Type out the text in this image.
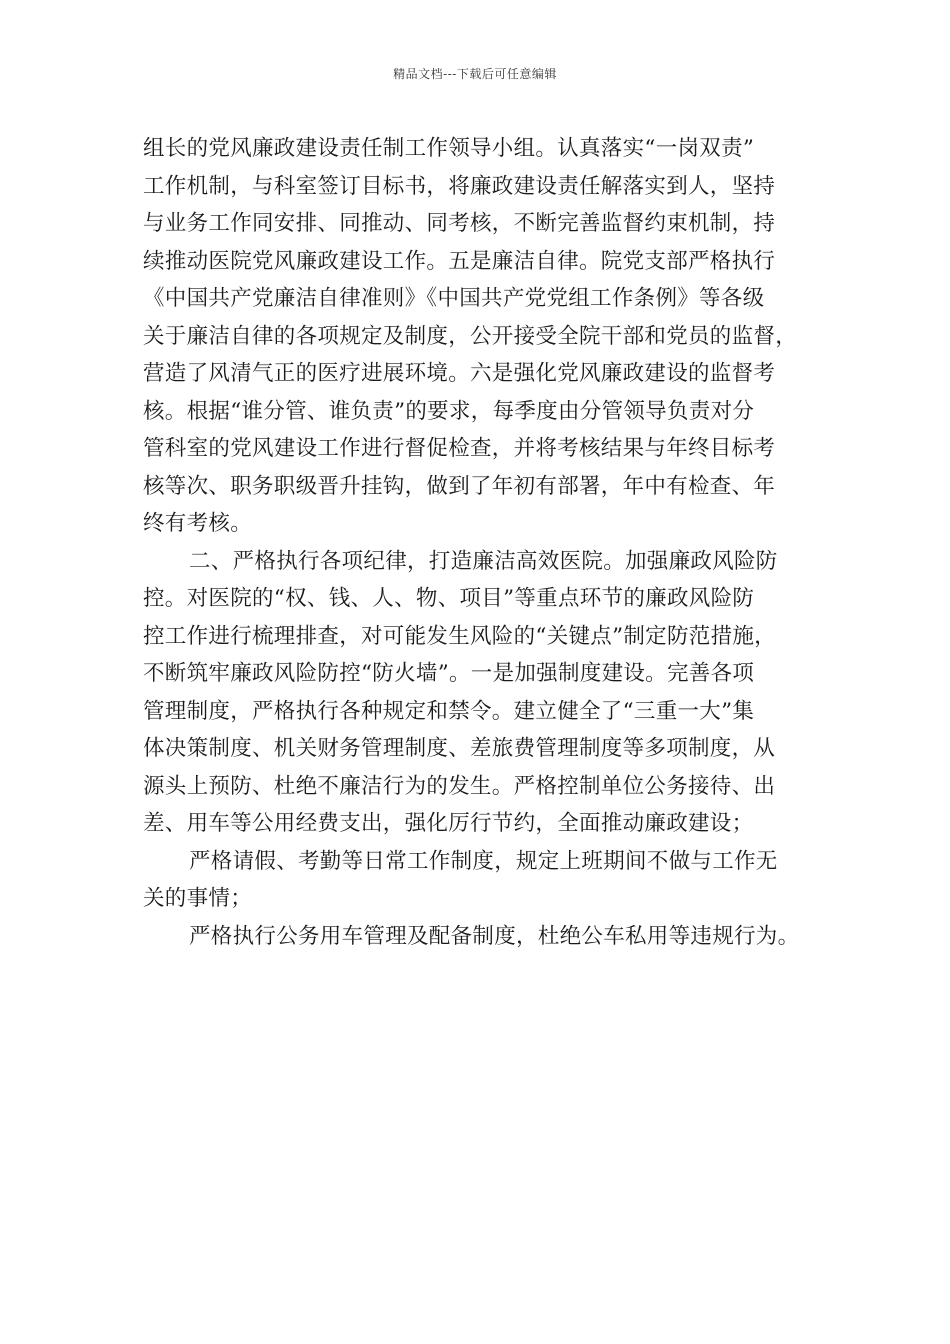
精品文档---下载后可任意编辑
组长的党风廉政建设责任制工作领导小组。认真落实“一岗双责”
工作机制，与科室签订目标书，将廉政建设责任解落实到人，坚持
与业务工作同安排、同推动、同考核，不断完善监督约束机制，持
续推动医院党风廉政建设工作。五是廉洁自律。院党支部严格执行
《中国共产党廉洁自律准则》《中国共产党党组工作条例》等各级
关于廉洁自律的各项规定及制度，公开接受全院干部和党员的监督，
营造了风清气正的医疗进展环境。六是强化党风廉政建设的监督考
核。根据“谁分管、谁负责”的要求，每季度由分管领导负责对分
管科室的党风建设工作进行督促检查，并将考核结果与年终目标考
核等次、职务职级晋升挂钩，做到了年初有部署，年中有检查、年
终有考核。
二、严格执行各项纪律，打造廉洁高效医院。加强廉政风险防
控。对医院的“权、钱、人、物、项目”等重点环节的廉政风险防
控工作进行梳理排查，对可能发生风险的“关键点”制定防范措施，
不断筑牢廉政风险防控“防火墙”。一是加强制度建设。完善各项
管理制度，严格执行各种规定和禁令。建立健全了“三重一大”集
体决策制度、机关财务管理制度、差旅费管理制度等多项制度，从
源头上预防、杜绝不廉洁行为的发生。严格控制单位公务接待、出
差、用车等公用经费支出，强化厉行节约，全面推动廉政建设；
严格请假、考勤等日常工作制度，规定上班期间不做与工作无
关的事情；
严格执行公务用车管理及配备制度，杜绝公车私用等违规行为。
